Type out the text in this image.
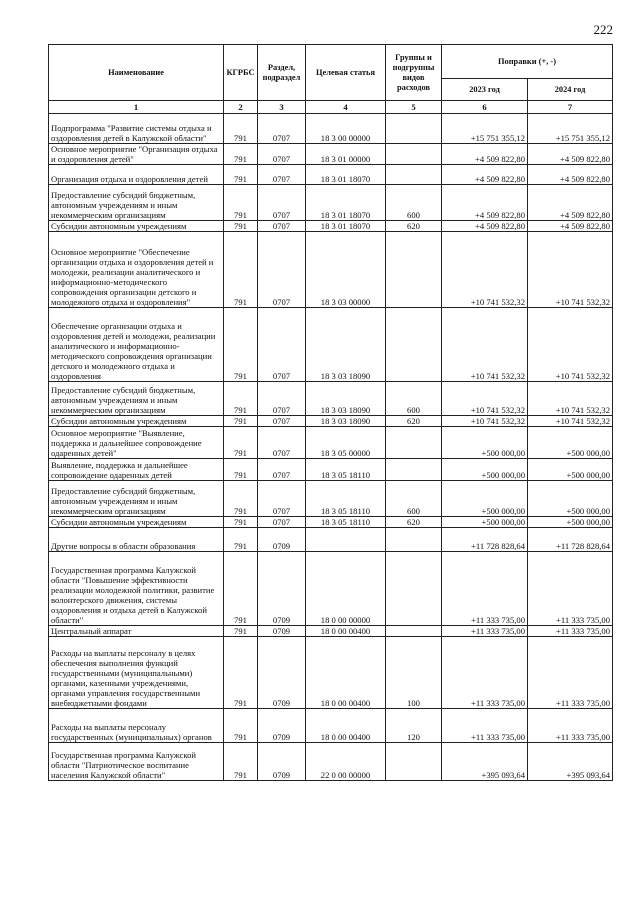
222
Наименование	КГРБС	Раздел, подраздел	Целевая статья	Группы и подгруппы видов расходов	Поправки (+, -)	
					2023 год	2024 год
1	2	3	4	5	6	7
Подпрограмма "Развитие системы отдыха и оздоровления детей в Калужской области"	791	0707	18 3 00 00000		+15 751 355,12	+15 751 355,12
Основное мероприятие "Организация отдыха и оздоровления детей"	791	0707	18 3 01 00000		+4 509 822,80	+4 509 822,80
Организация отдыха и оздоровления детей	791	0707	18 3 01 18070		+4 509 822,80	+4 509 822,80
Предоставление субсидий бюджетным, автономным учреждениям и иным некоммерческим организациям	791	0707	18 3 01 18070	600	+4 509 822,80	+4 509 822,80
Субсидии автономным учреждениям	791	0707	18 3 01 18070	620	+4 509 822,80	+4 509 822,80
Основное мероприятие "Обеспечение организации отдыха и оздоровления детей и молодежи, реализации аналитического и информационно-методического сопровождения организации детского и молодежного отдыха и оздоровления"	791	0707	18 3 03 00000		+10 741 532,32	+10 741 532,32
Обеспечение организации отдыха и оздоровления детей и молодежи, реализации аналитического и информационно-методического сопровождения организации детского и молодежного отдыха и оздоровления	791	0707	18 3 03 18090		+10 741 532,32	+10 741 532,32
Предоставление субсидий бюджетным, автономным учреждениям и иным некоммерческим организациям	791	0707	18 3 03 18090	600	+10 741 532,32	+10 741 532,32
Субсидии автономным учреждениям	791	0707	18 3 03 18090	620	+10 741 532,32	+10 741 532,32
Основное мероприятие "Выявление, поддержка и дальнейшее сопровождение одаренных детей"	791	0707	18 3 05 00000		+500 000,00	+500 000,00
Выявление, поддержка и дальнейшее сопровождение одаренных детей	791	0707	18 3 05 18110		+500 000,00	+500 000,00
Предоставление субсидий бюджетным, автономным учреждениям и иным некоммерческим организациям	791	0707	18 3 05 18110	600	+500 000,00	+500 000,00
Субсидии автономным учреждениям	791	0707	18 3 05 18110	620	+500 000,00	+500 000,00
Другие вопросы в области образования	791	0709			+11 728 828,64	+11 728 828,64
Государственная программа Калужской области "Повышение эффективности реализации молодежной политики, развитие волонтерского движения, системы оздоровления и отдыха детей в Калужской области"	791	0709	18 0 00 00000		+11 333 735,00	+11 333 735,00
Центральный аппарат	791	0709	18 0 00 00400		+11 333 735,00	+11 333 735,00
Расходы на выплаты персоналу в целях обеспечения выполнения функций государственными (муниципальными) органами, казенными учреждениями, органами управления государственными внебюджетными фондами	791	0709	18 0 00 00400	100	+11 333 735,00	+11 333 735,00
Расходы на выплаты персоналу государственных (муниципальных) органов	791	0709	18 0 00 00400	120	+11 333 735,00	+11 333 735,00
Государственная программа Калужской области "Патриотическое воспитание населения Калужской области"	791	0709	22 0 00 00000		+395 093,64	+395 093,64
